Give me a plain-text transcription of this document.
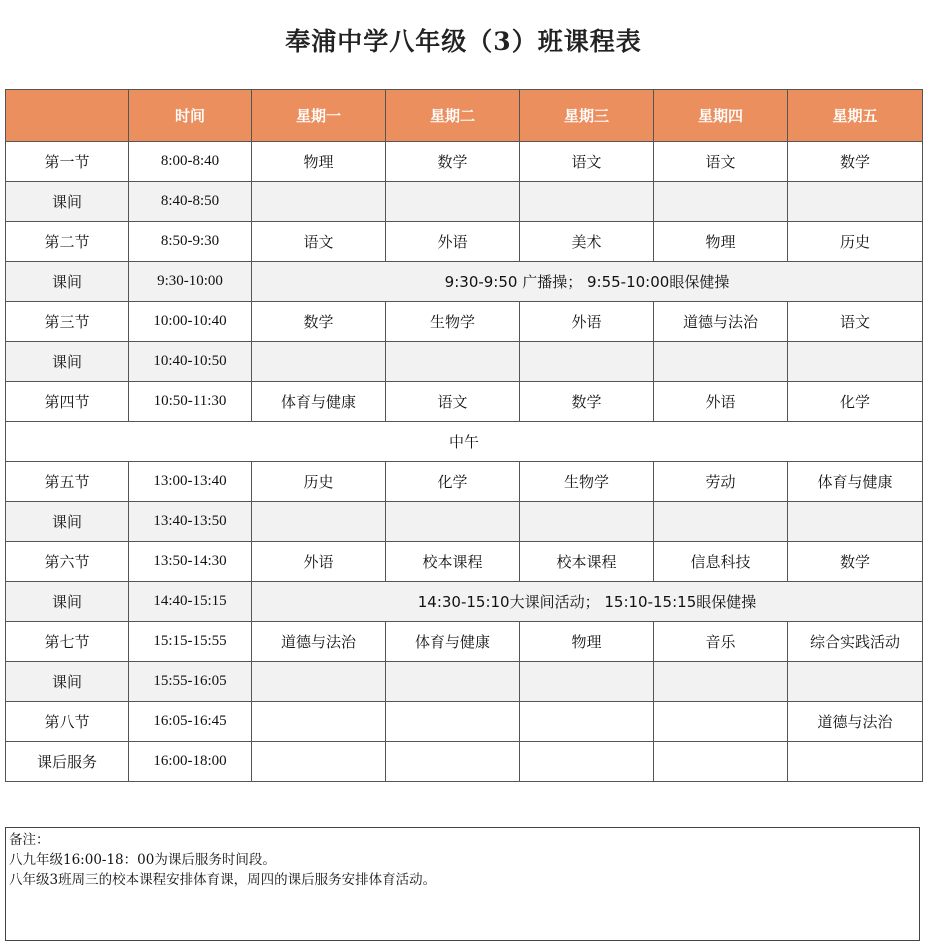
奉浦中学八年级（3）班课程表
	时间	星期一	星期二	星期三	星期四	星期五
第一节	8:00-8:40	物理	数学	语文	语文	数学
课间	8:40-8:50					
第二节	8:50-9:30	语文	外语	美术	物理	历史
课间	9:30-10:00	9:30-9:50 广播操； 9:55-10:00眼保健操				
第三节	10:00-10:40	数学	生物学	外语	道德与法治	语文
课间	10:40-10:50					
第四节	10:50-11:30	体育与健康	语文	数学	外语	化学
中午						
第五节	13:00-13:40	历史	化学	生物学	劳动	体育与健康
课间	13:40-13:50					
第六节	13:50-14:30	外语	校本课程	校本课程	信息科技	数学
课间	14:40-15:15	14:30-15:10大课间活动； 15:10-15:15眼保健操				
第七节	15:15-15:55	道德与法治	体育与健康	物理	音乐	综合实践活动
课间	15:55-16:05					
第八节	16:05-16:45					道德与法治
课后服务	16:00-18:00					
备注：
八九年级16:00-18：00为课后服务时间段。
八年级3班周三的校本课程安排体育课，周四的课后服务安排体育活动。
